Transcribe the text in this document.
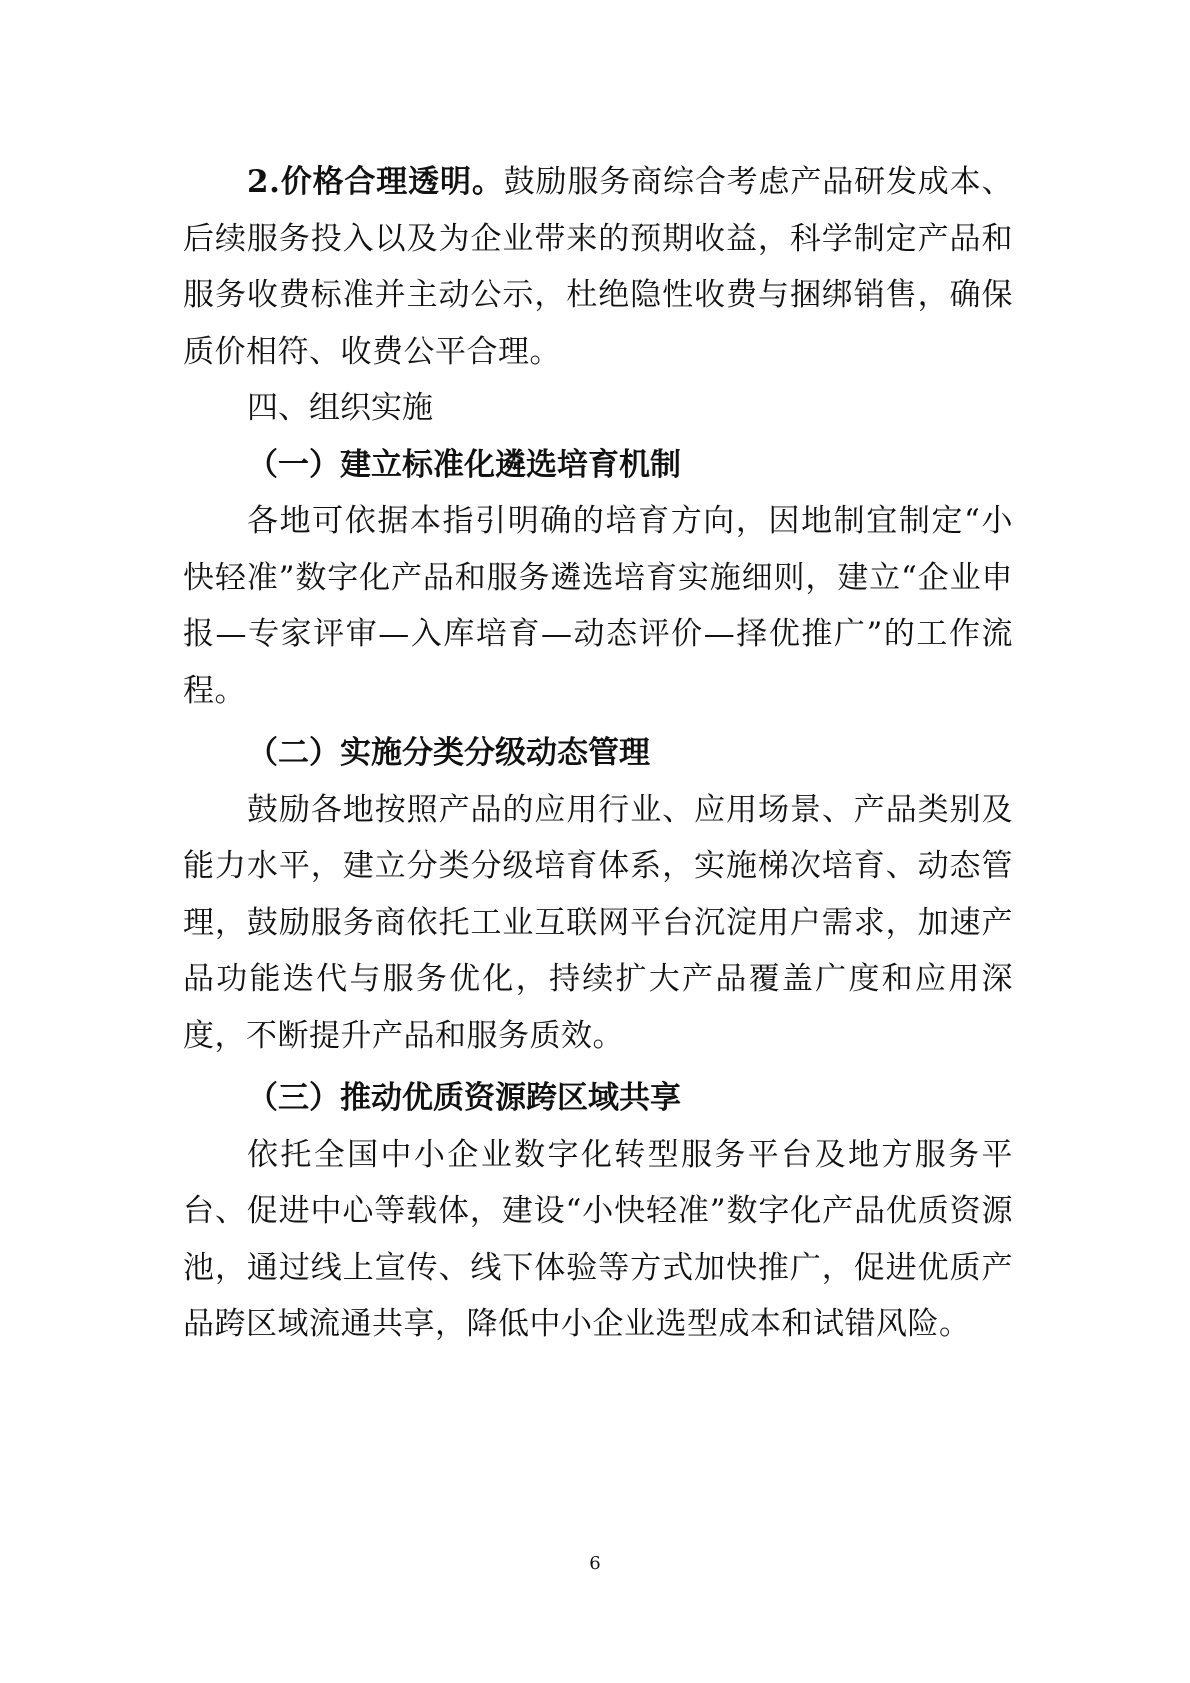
2.价格合理透明。鼓励服务商综合考虑产品研发成本、后续服务投入以及为企业带来的预期收益，科学制定产品和服务收费标准并主动公示，杜绝隐性收费与捆绑销售，确保质价相符、收费公平合理。

四、组织实施

（一）建立标准化遴选培育机制

各地可依据本指引明确的培育方向，因地制宜制定“小快轻准”数字化产品和服务遴选培育实施细则，建立“企业申报—专家评审—入库培育—动态评价—择优推广”的工作流程。

（二）实施分类分级动态管理

鼓励各地按照产品的应用行业、应用场景、产品类别及能力水平，建立分类分级培育体系，实施梯次培育、动态管理，鼓励服务商依托工业互联网平台沉淀用户需求，加速产品功能迭代与服务优化，持续扩大产品覆盖广度和应用深度，不断提升产品和服务质效。

（三）推动优质资源跨区域共享

依托全国中小企业数字化转型服务平台及地方服务平台、促进中心等载体，建设“小快轻准”数字化产品优质资源池，通过线上宣传、线下体验等方式加快推广，促进优质产品跨区域流通共享，降低中小企业选型成本和试错风险。

6
